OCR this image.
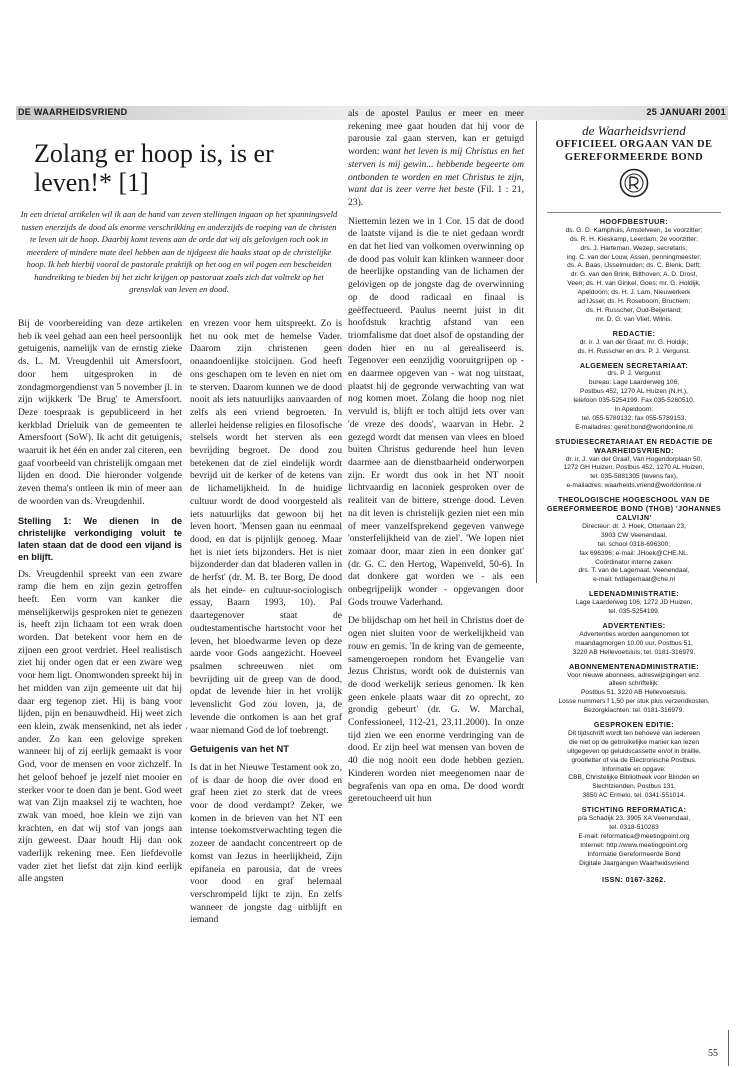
DE WAARHEIDSVRIEND	25 JANUARI 2001
Zolang er hoop is, is er leven!* [1]

In een drietal artikelen wil ik aan de hand van zeven stellingen ingaan op het spanningsveld tussen enerzijds de dood als enorme verschrikking en anderzijds de roeping van de christen te leven uit de hoop. Daarbij komt tevens aan de orde dat wij als gelovigen toch ook in meerdere of mindere mate deel hebben aan de tijdgeest die haaks staat op de christelijke hoop. Ik heb hierbij vooral de pastorale praktijk op het oog en wil pogen een bescheiden handreiking te bieden bij het zicht krijgen op pastoraat zoals zich dat voltrekt op het grensvlak van leven en dood.

Bij de voorbereiding van deze artikelen heb ik veel gehad aan een heel persoonlijk getuigenis, namelijk van de ernstig zieke ds. L. M. Vreugdenhil uit Amersfoort, door hem uitgesproken in de zondagmorgendienst van 5 november jl. in zijn wijkkerk 'De Brug' te Amersfoort. Deze toespraak is gepubliceerd in het kerkblad Drieluik van de gemeenten te Amersfoort (SoW). Ik acht dit getuigenis, waaruit ik het één en ander zal citeren, een gaaf voorbeeld van christelijk omgaan met lijden en dood. Die hieronder volgende zeven thema's ontleen ik min of meer aan de woorden van ds. Vreugdenhil.

Stelling 1: We dienen in de christelijke verkondiging voluit te laten staan dat de dood een vijand is en blijft.

Ds. Vreugdenhil spreekt van een zware ramp die hem en zijn gezin getroffen heeft. Een vorm van kanker die menselijkerwijs gesproken niet te genezen is, heeft zijn lichaam tot een wrak doen worden. Dat betekent voor hem en de zijnen een groot verdriet. Heel realistisch ziet hij onder ogen dat er een zware weg voor hem ligt. Onomwonden spreekt hij in het midden van zijn gemeente uit dat hij daar erg tegenop ziet. Hij is bang voor lijden, pijn en benauwdheid. Hij weet zich een klein, zwak mensenkind, net als ieder ander. Zo kan een gelovige spreken wanneer hij of zij eerlijk gemaakt is voor God, voor de mensen en voor zichzelf. In het geloof behoef je jezelf niet mooier en sterker voor te doen dan je bent. God weet wat van Zijn maaksel zij te wachten, hoe zwak van moed, hoe klein we zijn van krachten, en dat wij stof van jongs aan zijn geweest. Daar houdt Hij dan ook vaderlijk rekening mee. Een liefdevolle vader ziet het liefst dat zijn kind eerlijk alle angsten

en vrezen voor hem uitspreekt. Zo is het nu ook met de hemelse Vader. Daarom zijn christenen geen onaandoenlijke stoïcijnen. God heeft ons geschapen om te leven en niet om te sterven. Daarom kunnen we de dood nooit als iets natuurlijks aanvaarden of zelfs als een vriend begroeten. In allerlei heidense religies en filosofische stelsels wordt het sterven als een bevrijding begroet. De dood zou betekenen dat de ziel eindelijk wordt bevrijd uit de kerker of de ketens van de lichamelijkheid. In de huidige cultuur wordt de dood voorgesteld als iets natuurlijks dat gewoon bij het leven hoort. 'Mensen gaan nu eenmaal dood, en dat is pijnlijk genoeg. Maar het is niet iets bijzonders. Het is niet bijzonderder dan dat bladeren vallen in de herfst' (dr. M. B. ter Borg, De dood als het einde- en cultuur-sociologisch essay, Baarn 1993, 10). Pal daartegenover staat de oudtestamentische hartstocht voor het leven, het bloedwarme leven op deze aarde voor Gods aangezicht. Hoeveel psalmen schreeuwen niet om bevrijding uit de greep van de dood, opdat de levende hier in het vrolijk levenslicht God zou loven, ja, de levende die ontkomen is aan het graf waar niemand God de lof toebrengt.

Getuigenis van het NT

Is dat in het Nieuwe Testament ook zo, of is daar de hoop die over dood en graf heen ziet zo sterk dat de vrees voor de dood verdampt? Zeker, we komen in de brieven van het NT een intense toekomstverwachting tegen die zozeer de aandacht concentreert op de komst van Jezus in heerlijkheid, Zijn epifaneia en parousia, dat de vrees voor dood en graf helemaal verschrompeld lijkt te zijn. En zelfs wanneer de jongste dag uitblijft en iemand

'

als de apostel Paulus er meer en meer rekening mee gaat houden dat hij voor de parousie zal gaan sterven, kan er getuigd worden: want het leven is mij Christus en het sterven is mij gewin... hebbende begeerte om ontbonden te worden en met Christus te zijn, want dat is zeer verre het beste (Fil. 1 : 21, 23).

Niettemin lezen we in 1 Cor. 15 dat de dood de laatste vijand is die te niet gedaan wordt en dat het lied van volkomen overwinning op de dood pas voluit kan klinken wanneer door de heerlijke opstanding van de lichamen der gelovigen op de jongste dag de overwinning op de dood radicaal en finaal is geëffectueerd. Paulus neemt juist in dit hoofdstuk krachtig afstand van een triomfalisme dat doet alsof de opstanding der doden hier en nu al gerealiseerd is. Tegenover een eenzijdig vooruitgrijpen op - en daarmee opgeven van - wat nog uitstaat, plaatst hij de gegronde verwachting van wat nog komen moet. Zolang die hoop nog niet vervuld is, blijft er toch altijd iets over van 'de vreze des doods', waarvan in Hebr. 2 gezegd wordt dat mensen van vlees en bloed buiten Christus gedurende heel hun leven daarmee aan de dienstbaarheid onderworpen zijn. Er wordt dus ook in het NT nooit lichtvaardig en laconiek gesproken over de realiteit van de bittere, strenge dood. Leven na dit leven is christelijk gezien niet een min of meer vanzelfsprekend gegeven vanwege 'onsterfelijkheid van de ziel'. 'We lopen niet zomaar door, maar zien in een donker gat' (dr. G. C. den Hertog, Wapenveld, 50-6). In dat donkere gat worden we - als een onbegrijpelijk wonder - opgevangen door Gods trouwe Vaderhand.

De blijdschap om het heil in Christus doet de ogen niet sluiten voor de werkelijkheid van rouw en gemis. 'In de kring van de gemeente, samengeroepen rondom het Evangelie van Jezus Christus, wordt ook de duisternis van de dood werkelijk serieus genomen. Ik ken geen enkele plaats waar dit zo oprecht, zo grondig gebeurt' (dr. G. W. Marchal, Confessioneel, 112-21, 23.11.2000). In onze tijd zien we een enorme verdringing van de dood. Er zijn heel wat mensen van boven de 40 die nog nooit een dode hebben gezien. Kinderen worden niet meegenomen naar de begrafenis van opa en oma. De dood wordt geretoucheerd uit hun

de Waarheidsvriend
OFFICIEEL ORGAAN VAN DE GEREFORMEERDE BOND
HOOFDBESTUUR:
ds. G. D. Kamphuis, Amstelveen, 1e voorzitter;
ds. R. H. Kieskamp, Leerdam, 2e voorzitter;
drs. J. Harteman, Wezep, secretaris;
ing. C. van der Louw, Assen, penningmeester;
ds. A. Baas, IJsselmuiden; ds. C. Blenk, Delft;
dr. G. van den Brink, Bilthoven; A. D. Drost,
Veen; ds. H. van Ginkel, Goes; mr. G. Holdijk,
Apeldoorn; ds. H. J. Lam, Nieuwerkerk
ad IJssel; ds. H. Roseboom, Bruchem;
ds. H. Russcher, Oud-Beijerland;
mr. D. G. van Vliet, Wilnis.
REDACTIE:
dr. ir. J. van der Graaf; mr. G. Holdijk;
ds. H. Russcher en drs. P. J. Vergunst.
ALGEMEEN SECRETARIAAT:
drs. P. J. Vergunst
bureau: Lage Laarderweg 106,
Postbus 452, 1270 AL Huizen (N.H.),
telefoon 035-5254199. Fax 035-5260510.
In Apeldoorn:
tel. 055-5789132; fax 055-5789153.
E-mailadres: geref.bond@worldonline.nl
STUDIESECRETARIAAT EN REDACTIE DE WAARHEIDSVRIEND:
dr. ir. J. van der Graaf, Van Hogendorplaan 50,
1272 GH Huizen, Postbus 452, 1270 AL Huizen,
tel. 035-5881305 (tevens fax),
e-mailadres: waarheids.vriend@worldonline.nl
THEOLOGISCHE HOGESCHOOL VAN DE GEREFORMEERDE BOND (THGB) 'JOHANNES CALVIJN'
Directeur: dr. J. Hoek, Otterlaan 23,
3903 CW Veenendaal,
tel. school 0318-696300;
fax 696396; e-mail: JHoek@CHE.NL.
Coördinator interne zaken:
drs. T. van de Lagemaat, Veenendaal,
e-mail: tvdlagemaat@che.nl
LEDENADMINISTRATIE:
Lage Laarderweg 106, 1272 JD Huizen,
tel. 035-5254199.
ADVERTENTIES:
Advertenties worden aangenomen tot
maandagmorgen 10.00 uur, Postbus 51,
3220 AB Hellevoetsluis, tel. 0181-316979.
ABONNEMENTENADMINISTRATIE:
Voor nieuwe abonnees, adreswijzigingen enz.
alleen schriftelijk:
Postbus 51, 3220 AB Hellevoetsluis.
Losse nummers f 1,50 per stuk plus verzendkosten. Bezorgklachten: tel. 0181-316979.
GESPROKEN EDITIE:
Dit tijdschrift wordt ten behoeve van iedereen
die niet op de gebruikelijke manier kan lezen
uitgegeven op geluidscassette en/of in braille,
grootletter of via de Electronische Postbus.
Informatie en opgave:
CBB, Christelijke Bibliotheek voor Blinden en
Slechtzienden, Postbus 131,
3850 AC Ermelo, tel. 0341-551014.
STICHTING REFORMATICA:
p/a Schadijk 23, 3905 XA Veenendaal,
tel. 0318-510283
E-mail: reformatica@meetingpoint.org
Internet: http://www.meetingpoint.org
Informatie Gereformeerde Bond
Digitale Jaargangen Waarheidsvriend
ISSN: 0167-3262.
55
